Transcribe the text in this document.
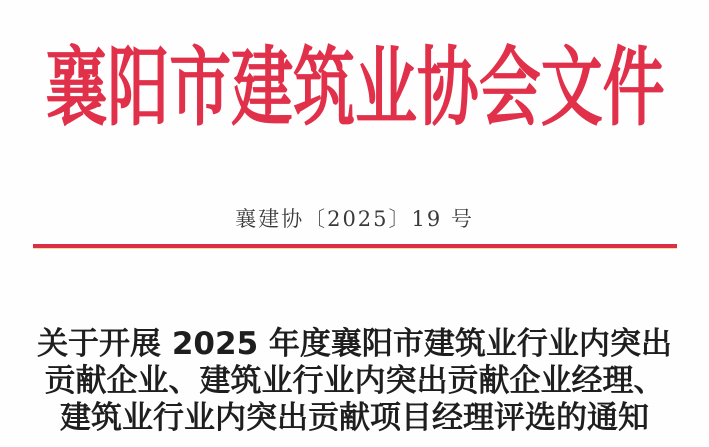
襄阳市建筑业协会文件
襄建协〔2025〕19 号
关于开展 2025 年度襄阳市建筑业行业内突出
贡献企业、建筑业行业内突出贡献企业经理、
建筑业行业内突出贡献项目经理评选的通知
